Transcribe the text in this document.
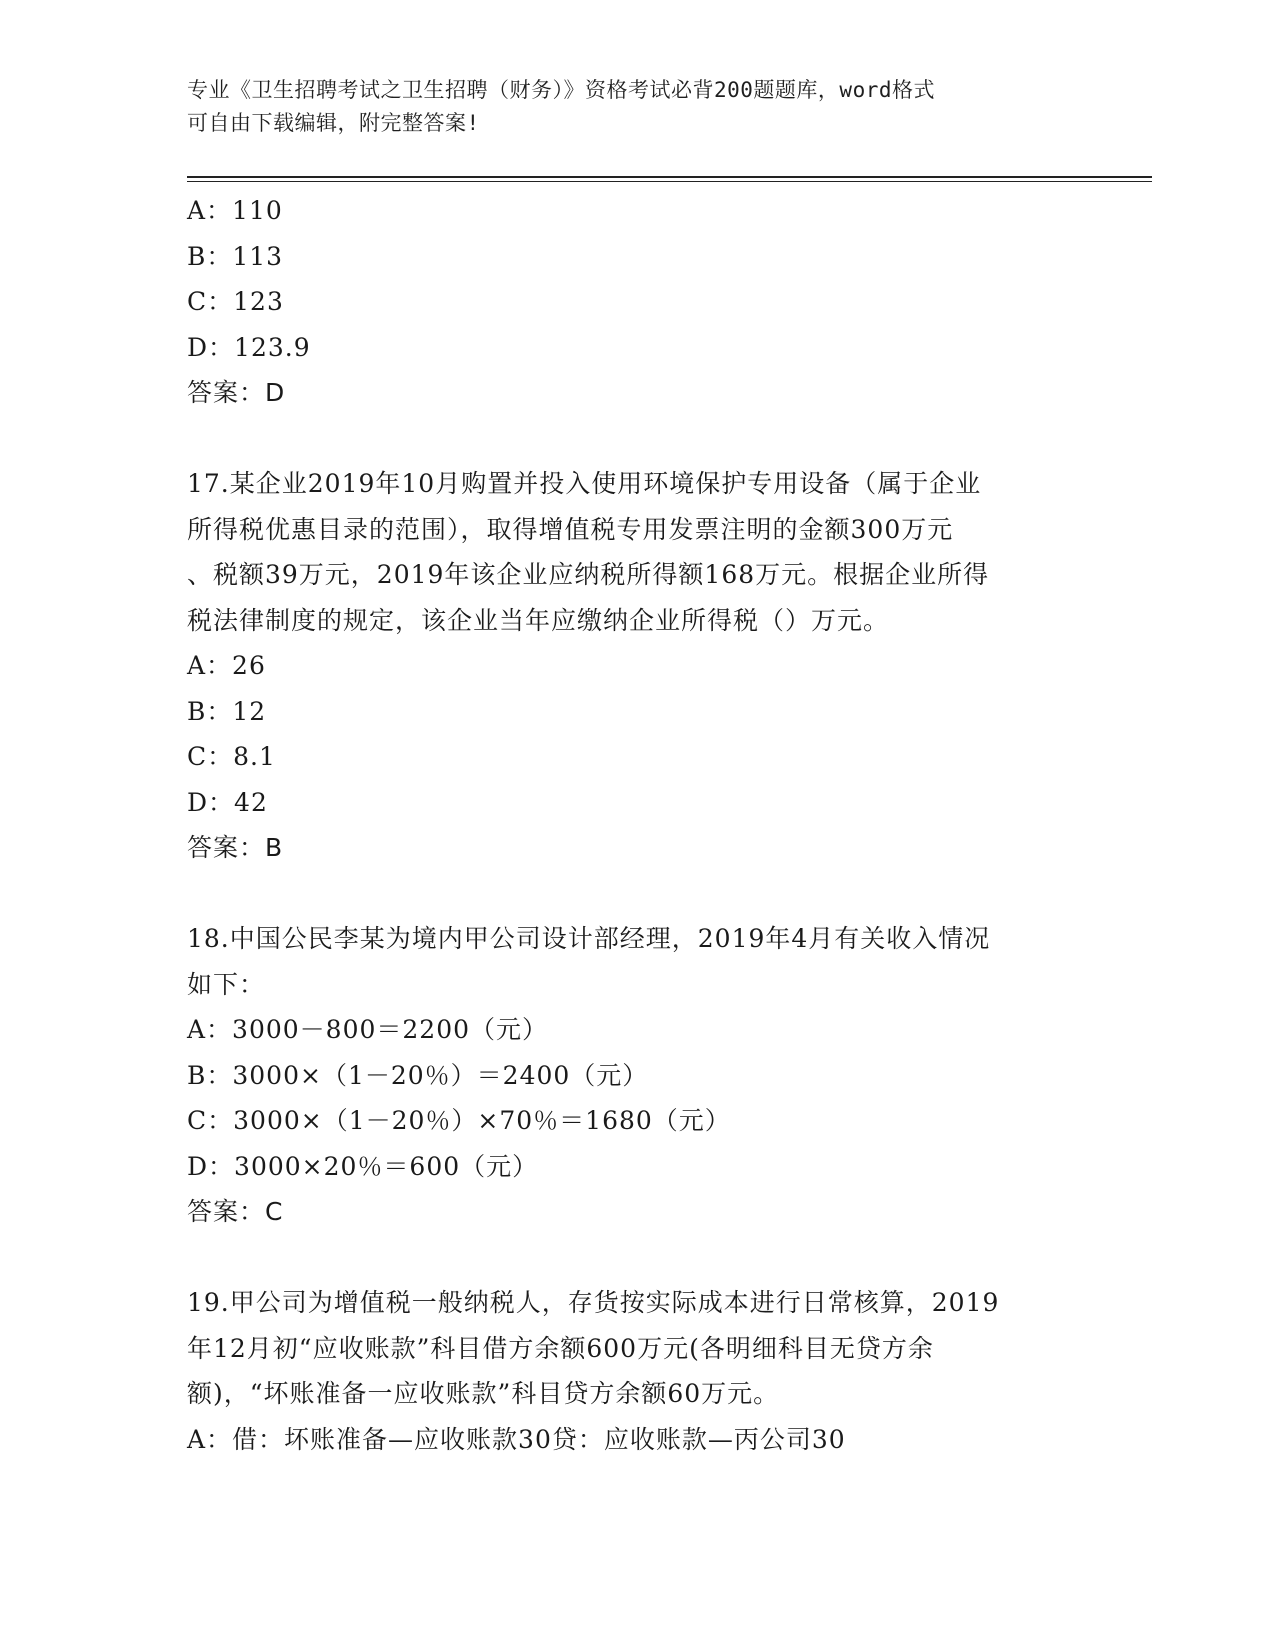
专业《卫生招聘考试之卫生招聘（财务）》资格考试必背200题题库，word格式
可自由下载编辑，附完整答案!
A：110
B：113
C：123
D：123.9
答案：D
17.某企业2019年10月购置并投入使用环境保护专用设备（属于企业
所得税优惠目录的范围），取得增值税专用发票注明的金额300万元
、税额39万元，2019年该企业应纳税所得额168万元。根据企业所得
税法律制度的规定，该企业当年应缴纳企业所得税（）万元。
A：26
B：12
C：8.1
D：42
答案：B
18.中国公民李某为境内甲公司设计部经理，2019年4月有关收入情况
如下：
A：3000－800＝2200（元）
B：3000×（1－20％）＝2400（元）
C：3000×（1－20％）×70％＝1680（元）
D：3000×20％＝600（元）
答案：C
19.甲公司为增值税一般纳税人，存货按实际成本进行日常核算，2019
年12月初“应收账款”科目借方余额600万元(各明细科目无贷方余
额)，“坏账准备一应收账款”科目贷方余额60万元。
A：借：坏账准备—应收账款30贷：应收账款—丙公司30
